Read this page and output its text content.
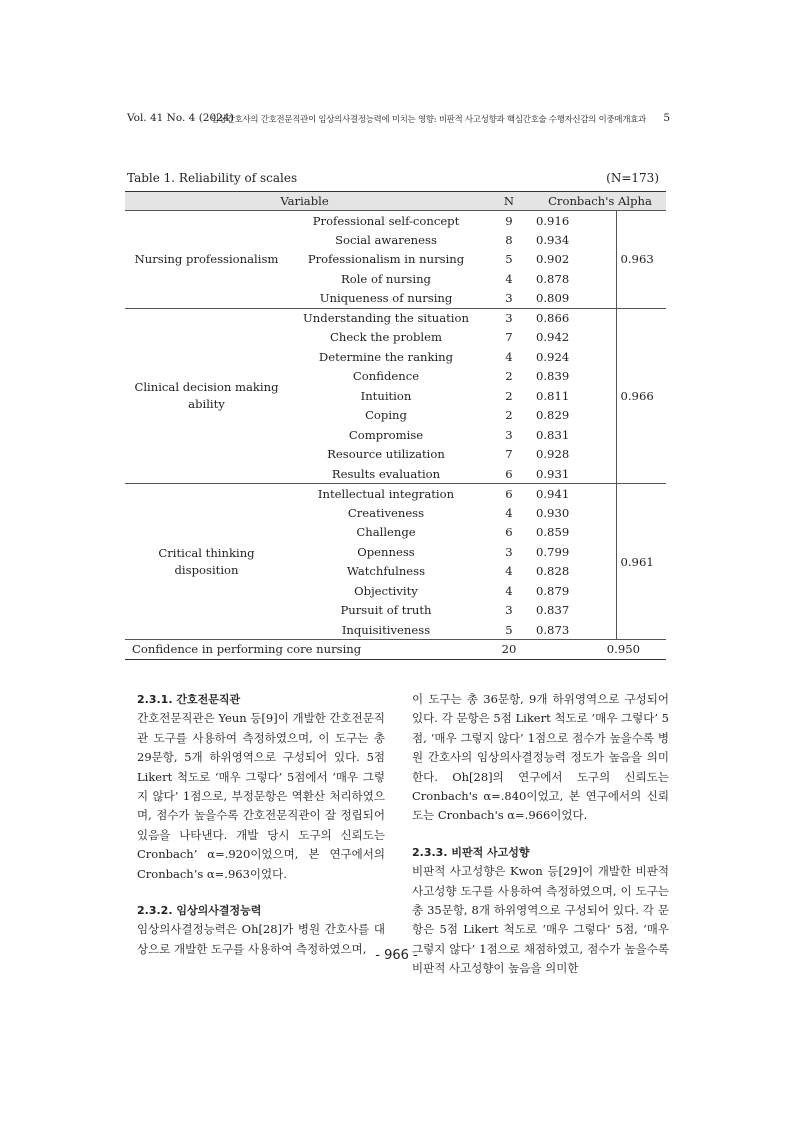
Vol. 41 No. 4 (2024)
임상간호사의 간호전문직관이 임상의사결정능력에 미치는 영향: 비판적 사고성향과 핵심간호술 수행자신감의 이중매개효과 5
Table 1. Reliability of scales	(N=173)
Variable		N	Cronbach's Alpha	
Nursing professionalism	Professional self-concept	9	0.916	0.963
	Social awareness	8	0.934	
	Professionalism in nursing	5	0.902	
	Role of nursing	4	0.878	
	Uniqueness of nursing	3	0.809	
Clinical decision making
ability	Understanding the situation	3	0.866	0.966
	Check the problem	7	0.942	
	Determine the ranking	4	0.924	
	Confidence	2	0.839	
	Intuition	2	0.811	
	Coping	2	0.829	
	Compromise	3	0.831	
	Resource utilization	7	0.928	
	Results evaluation	6	0.931	
Critical thinking
disposition	Intellectual integration	6	0.941	0.961
	Creativeness	4	0.930	
	Challenge	6	0.859	
	Openness	3	0.799	
	Watchfulness	4	0.828	
	Objectivity	4	0.879	
	Pursuit of truth	3	0.837	
	Inquisitiveness	5	0.873	
Confidence in performing core nursing		20	0.950	
2.3.1. 간호전문직관

간호전문직관은 Yeun 등[9]이 개발한 간호전문직관 도구를 사용하여 측정하였으며, 이 도구는 총 29문항, 5개 하위영역으로 구성되어 있다. 5점 Likert 척도로 ‘매우 그렇다’ 5점에서 ‘매우 그렇지 않다’ 1점으로, 부정문항은 역환산 처리하였으며, 점수가 높을수록 간호전문직관이 잘 정립되어 있음을 나타낸다. 개발 당시 도구의 신뢰도는 Cronbach’ α=.920이었으며, 본 연구에서의 Cronbach’s α=.963이었다.

2.3.2. 임상의사결정능력

임상의사결정능력은 Oh[28]가 병원 간호사를 대상으로 개발한 도구를 사용하여 측정하였으며,

이 도구는 총 36문항, 9개 하위영역으로 구성되어 있다. 각 문항은 5점 Likert 척도로 ‘매우 그렇다’ 5점, ‘매우 그렇지 않다’ 1점으로 점수가 높을수록 병원 간호사의 임상의사결정능력 정도가 높음을 의미한다. Oh[28]의 연구에서 도구의 신뢰도는 Cronbach's α=.840이었고, 본 연구에서의 신뢰도는 Cronbach's α=.966이었다.

2.3.3. 비판적 사고성향

비판적 사고성향은 Kwon 등[29]이 개발한 비판적 사고성향 도구를 사용하여 측정하였으며, 이 도구는 총 35문항, 8개 하위영역으로 구성되어 있다. 각 문항은 5점 Likert 척도로 ‘매우 그렇다’ 5점, ‘매우 그렇지 않다’ 1점으로 채점하였고, 점수가 높을수록 비판적 사고성향이 높음을 의미한

- 966 -
